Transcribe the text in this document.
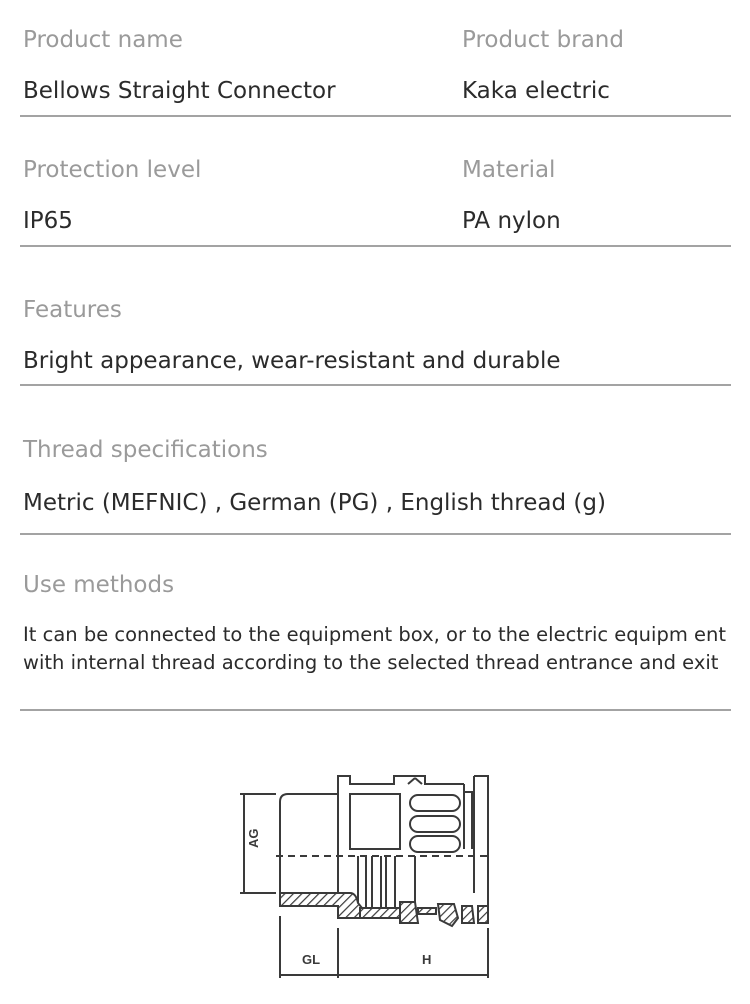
Product name	Product brand
Bellows Straight Connector	Kaka electric
Protection level	Material
IP65	PA nylon
Features
Bright appearance, wear-resistant and durable
Thread specifications
Metric (MEFNIC) , German (PG) , English thread (g)
Use methods
It can be connected to the equipment box, or to the electric equipm ent with internal thread according to the selected thread entrance and exit
AG
GL	H
